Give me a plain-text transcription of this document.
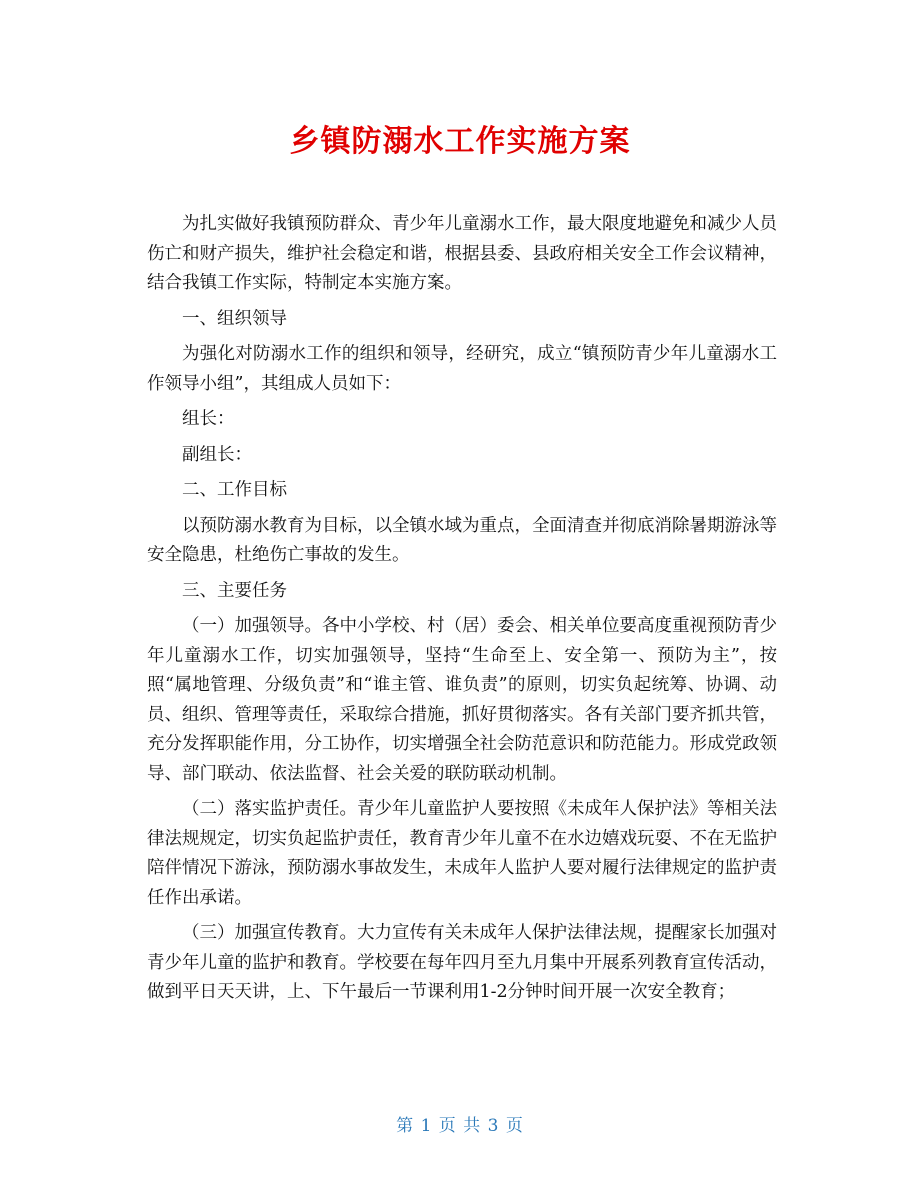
乡镇防溺水工作实施方案

为扎实做好我镇预防群众、青少年儿童溺水工作，最大限度地避免和减少人员伤亡和财产损失，维护社会稳定和谐，根据县委、县政府相关安全工作会议精神，结合我镇工作实际，特制定本实施方案。

一、组织领导

为强化对防溺水工作的组织和领导，经研究，成立“镇预防青少年儿童溺水工作领导小组”，其组成人员如下：

组长：

副组长：

二、工作目标

以预防溺水教育为目标，以全镇水域为重点，全面清查并彻底消除暑期游泳等安全隐患，杜绝伤亡事故的发生。

三、主要任务

（一）加强领导。各中小学校、村（居）委会、相关单位要高度重视预防青少年儿童溺水工作，切实加强领导，坚持“生命至上、安全第一、预防为主”，按照“属地管理、分级负责”和“谁主管、谁负责”的原则，切实负起统筹、协调、动员、组织、管理等责任，采取综合措施，抓好贯彻落实。各有关部门要齐抓共管，充分发挥职能作用，分工协作，切实增强全社会防范意识和防范能力。形成党政领导、部门联动、依法监督、社会关爱的联防联动机制。

（二）落实监护责任。青少年儿童监护人要按照《未成年人保护法》等相关法律法规规定，切实负起监护责任，教育青少年儿童不在水边嬉戏玩耍、不在无监护陪伴情况下游泳，预防溺水事故发生，未成年人监护人要对履行法律规定的监护责任作出承诺。

（三）加强宣传教育。大力宣传有关未成年人保护法律法规，提醒家长加强对青少年儿童的监护和教育。学校要在每年四月至九月集中开展系列教育宣传活动，做到平日天天讲，上、下午最后一节课利用1-2分钟时间开展一次安全教育；

第 1 页 共 3 页
